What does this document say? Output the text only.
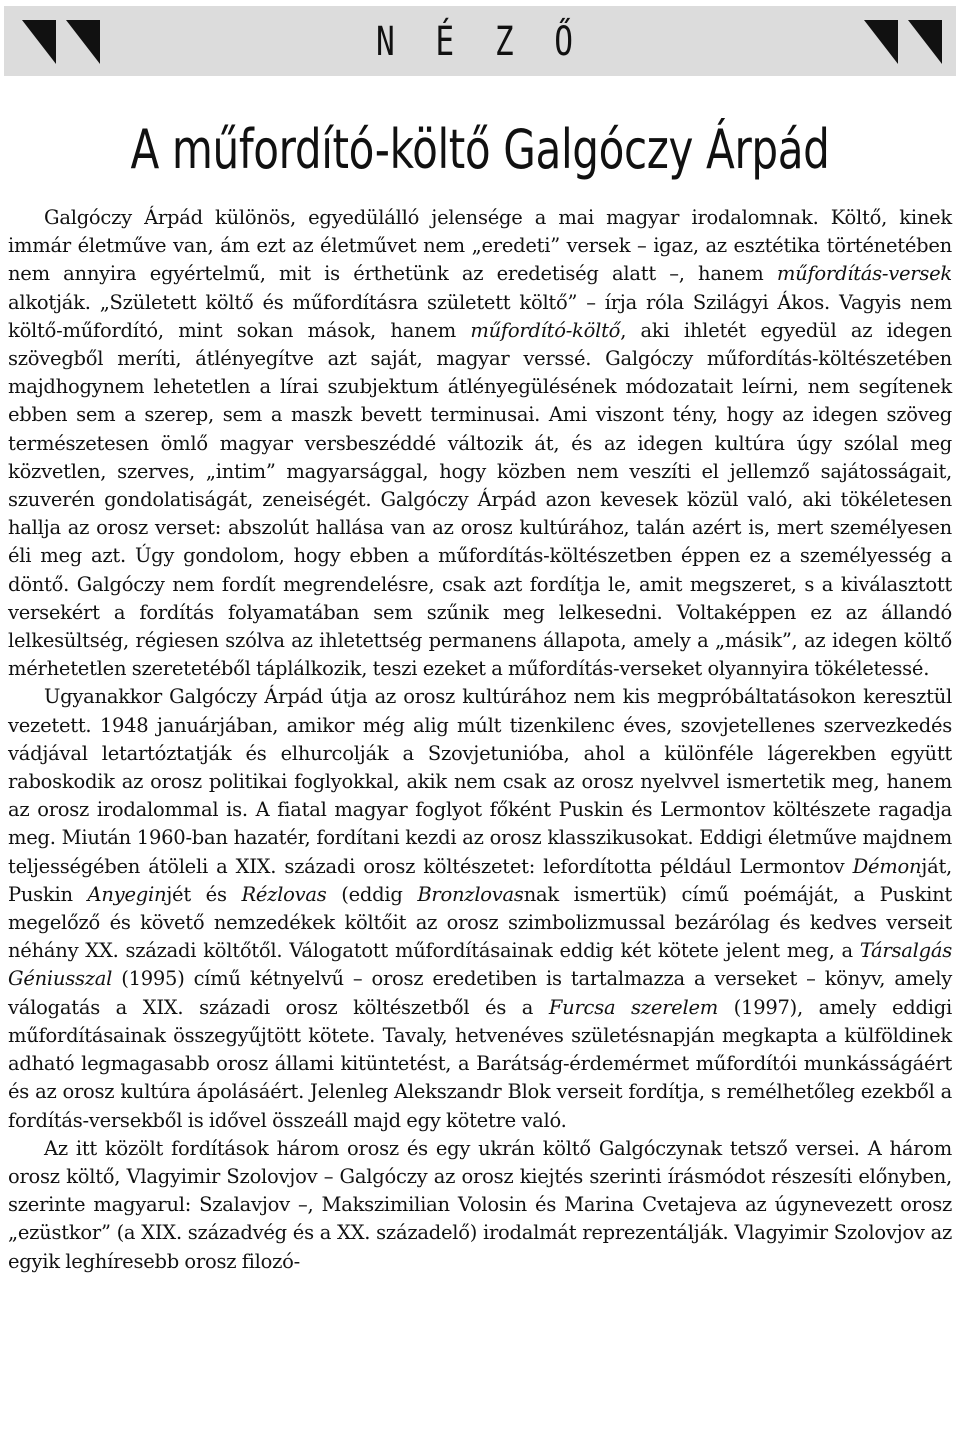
N É Z Ő
A műfordító-költő Galgóczy Árpád

Galgóczy Árpád különös, egyedülálló jelensége a mai magyar irodalomnak. Költő, kinek immár életműve van, ám ezt az életművet nem „eredeti” versek – igaz, az esztétika történetében nem annyira egyértelmű, mit is érthetünk az eredetiség alatt –, hanem műfordítás-versek alkotják. „Született költő és műfordításra született költő” – írja róla Szilágyi Ákos. Vagyis nem költő-műfordító, mint sokan mások, hanem műfordító-költő, aki ihletét egyedül az idegen szövegből meríti, átlényegítve azt saját, magyar verssé. Galgóczy műfordítás-költészetében majdhogynem lehetetlen a lírai szubjektum átlényegülésének módozatait leírni, nem segítenek ebben sem a szerep, sem a maszk bevett terminusai. Ami viszont tény, hogy az idegen szöveg természetesen ömlő magyar versbeszéddé változik át, és az idegen kultúra úgy szólal meg közvetlen, szerves, „intim” magyarsággal, hogy közben nem veszíti el jellemző sajátosságait, szuverén gondolatiságát, zeneiségét. Galgóczy Árpád azon kevesek közül való, aki tökéletesen hallja az orosz verset: abszolút hallása van az orosz kultúrához, talán azért is, mert személyesen éli meg azt. Úgy gondolom, hogy ebben a műfordítás-költészetben éppen ez a személyesség a döntő. Galgóczy nem fordít megrendelésre, csak azt fordítja le, amit megszeret, s a kiválasztott versekért a fordítás folyamatában sem szűnik meg lelkesedni. Voltaképpen ez az állandó lelkesültség, régiesen szólva az ihletettség permanens állapota, amely a „másik”, az idegen költő mérhetetlen szeretetéből táplálkozik, teszi ezeket a műfordítás-verseket olyannyira tökéletessé.

Ugyanakkor Galgóczy Árpád útja az orosz kultúrához nem kis megpróbáltatásokon keresztül vezetett. 1948 januárjában, amikor még alig múlt tizenkilenc éves, szovjetellenes szervezkedés vádjával letartóztatják és elhurcolják a Szovjetunióba, ahol a különféle lágerekben együtt raboskodik az orosz politikai foglyokkal, akik nem csak az orosz nyelvvel ismertetik meg, hanem az orosz irodalommal is. A fiatal magyar foglyot főként Puskin és Lermontov költészete ragadja meg. Miután 1960-ban hazatér, fordítani kezdi az orosz klasszikusokat. Eddigi életműve majdnem teljességében átöleli a XIX. századi orosz költészetet: lefordította például Lermontov Démonját, Puskin Anyeginjét és Rézlovas (eddig Bronzlovasnak ismertük) című poémáját, a Puskint megelőző és követő nemzedékek költőit az orosz szimbolizmussal bezárólag és kedves verseit néhány XX. századi költőtől. Válogatott műfordításainak eddig két kötete jelent meg, a Társalgás Géniusszal (1995) című kétnyelvű – orosz eredetiben is tartalmazza a verseket – könyv, amely válogatás a XIX. századi orosz költészetből és a Furcsa szerelem (1997), amely eddigi műfordításainak összegyűjtött kötete. Tavaly, hetvenéves születésnapján megkapta a külföldinek adható legmagasabb orosz állami kitüntetést, a Barátság-érdemérmet műfordítói munkásságáért és az orosz kultúra ápolásáért. Jelenleg Alekszandr Blok verseit fordítja, s remélhetőleg ezekből a fordítás-versekből is idővel összeáll majd egy kötetre való.

Az itt közölt fordítások három orosz és egy ukrán költő Galgóczynak tetsző versei. A három orosz költő, Vlagyimir Szolovjov – Galgóczy az orosz kiejtés szerinti írásmódot részesíti előnyben, szerinte magyarul: Szalavjov –, Makszimilian Volosin és Marina Cvetajeva az úgynevezett orosz „ezüstkor” (a XIX. századvég és a XX. századelő) irodalmát reprezentálják. Vlagyimir Szolovjov az egyik leghíresebb orosz filozó-
